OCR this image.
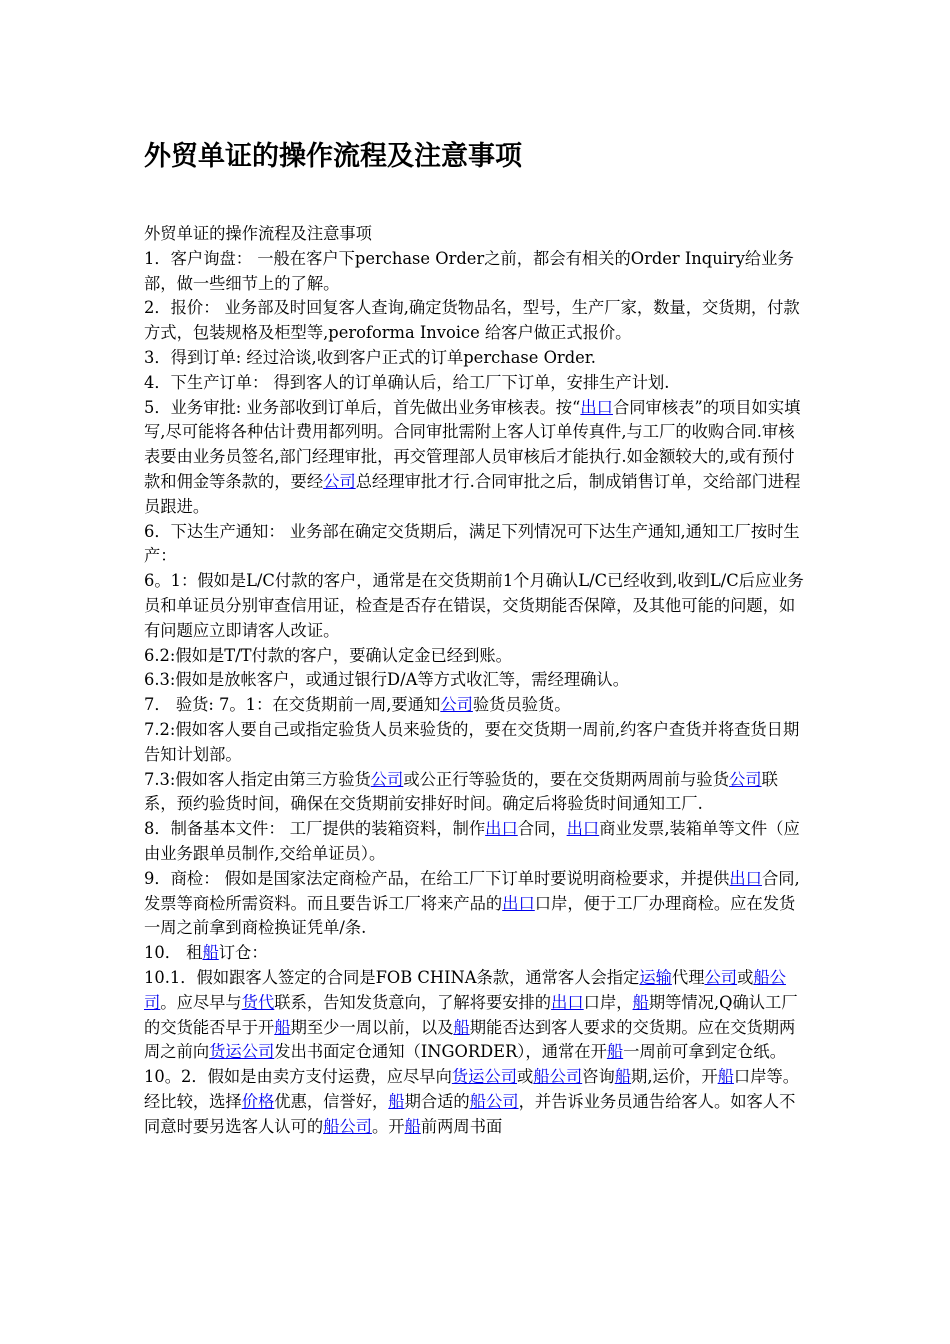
外贸单证的操作流程及注意事项

外贸单证的操作流程及注意事项

1．客户询盘： 一般在客户下perchase Order之前，都会有相关的Order Inquiry给业务部，做一些细节上的了解。

2．报价： 业务部及时回复客人查询,确定货物品名，型号，生产厂家，数量，交货期，付款方式，包装规格及柜型等,peroforma Invoice 给客户做正式报价。

3．得到订单: 经过洽谈,收到客户正式的订单perchase Order.

4．下生产订单： 得到客人的订单确认后，给工厂下订单，安排生产计划.

5．业务审批: 业务部收到订单后，首先做出业务审核表。按“出口合同审核表”的项目如实填写,尽可能将各种估计费用都列明。合同审批需附上客人订单传真件,与工厂的收购合同.审核表要由业务员签名,部门经理审批，再交管理部人员审核后才能执行.如金额较大的,或有预付款和佣金等条款的，要经公司总经理审批才行.合同审批之后，制成销售订单，交给部门进程员跟进。

6．下达生产通知： 业务部在确定交货期后，满足下列情况可下达生产通知,通知工厂按时生产：

6。1：假如是L/C付款的客户，通常是在交货期前1个月确认L/C已经收到,收到L/C后应业务员和单证员分别审查信用证，检查是否存在错误，交货期能否保障，及其他可能的问题，如有问题应立即请客人改证。

6.2:假如是T/T付款的客户，要确认定金已经到账。

6.3:假如是放帐客户，或通过银行D/A等方式收汇等，需经理确认。

7． 验货: 7。1：在交货期前一周,要通知公司验货员验货。

7.2:假如客人要自己或指定验货人员来验货的，要在交货期一周前,约客户查货并将查货日期告知计划部。

7.3:假如客人指定由第三方验货公司或公正行等验货的，要在交货期两周前与验货公司联系，预约验货时间，确保在交货期前安排好时间。确定后将验货时间通知工厂.

8．制备基本文件： 工厂提供的装箱资料，制作出口合同，出口商业发票,装箱单等文件（应由业务跟单员制作,交给单证员）。

9．商检： 假如是国家法定商检产品，在给工厂下订单时要说明商检要求，并提供出口合同,发票等商检所需资料。而且要告诉工厂将来产品的出口口岸，便于工厂办理商检。应在发货一周之前拿到商检换证凭单/条.

10． 租船订仓：

10.1．假如跟客人签定的合同是FOB CHINA条款，通常客人会指定运输代理公司或船公司。应尽早与货代联系，告知发货意向，了解将要安排的出口口岸，船期等情况,Q确认工厂的交货能否早于开船期至少一周以前，以及船期能否达到客人要求的交货期。应在交货期两周之前向货运公司发出书面定仓通知（INGORDER），通常在开船一周前可拿到定仓纸。

10。2．假如是由卖方支付运费，应尽早向货运公司或船公司咨询船期,运价，开船口岸等。经比较，选择价格优惠，信誉好，船期合适的船公司，并告诉业务员通告给客人。如客人不同意时要另选客人认可的船公司。开船前两周书面
